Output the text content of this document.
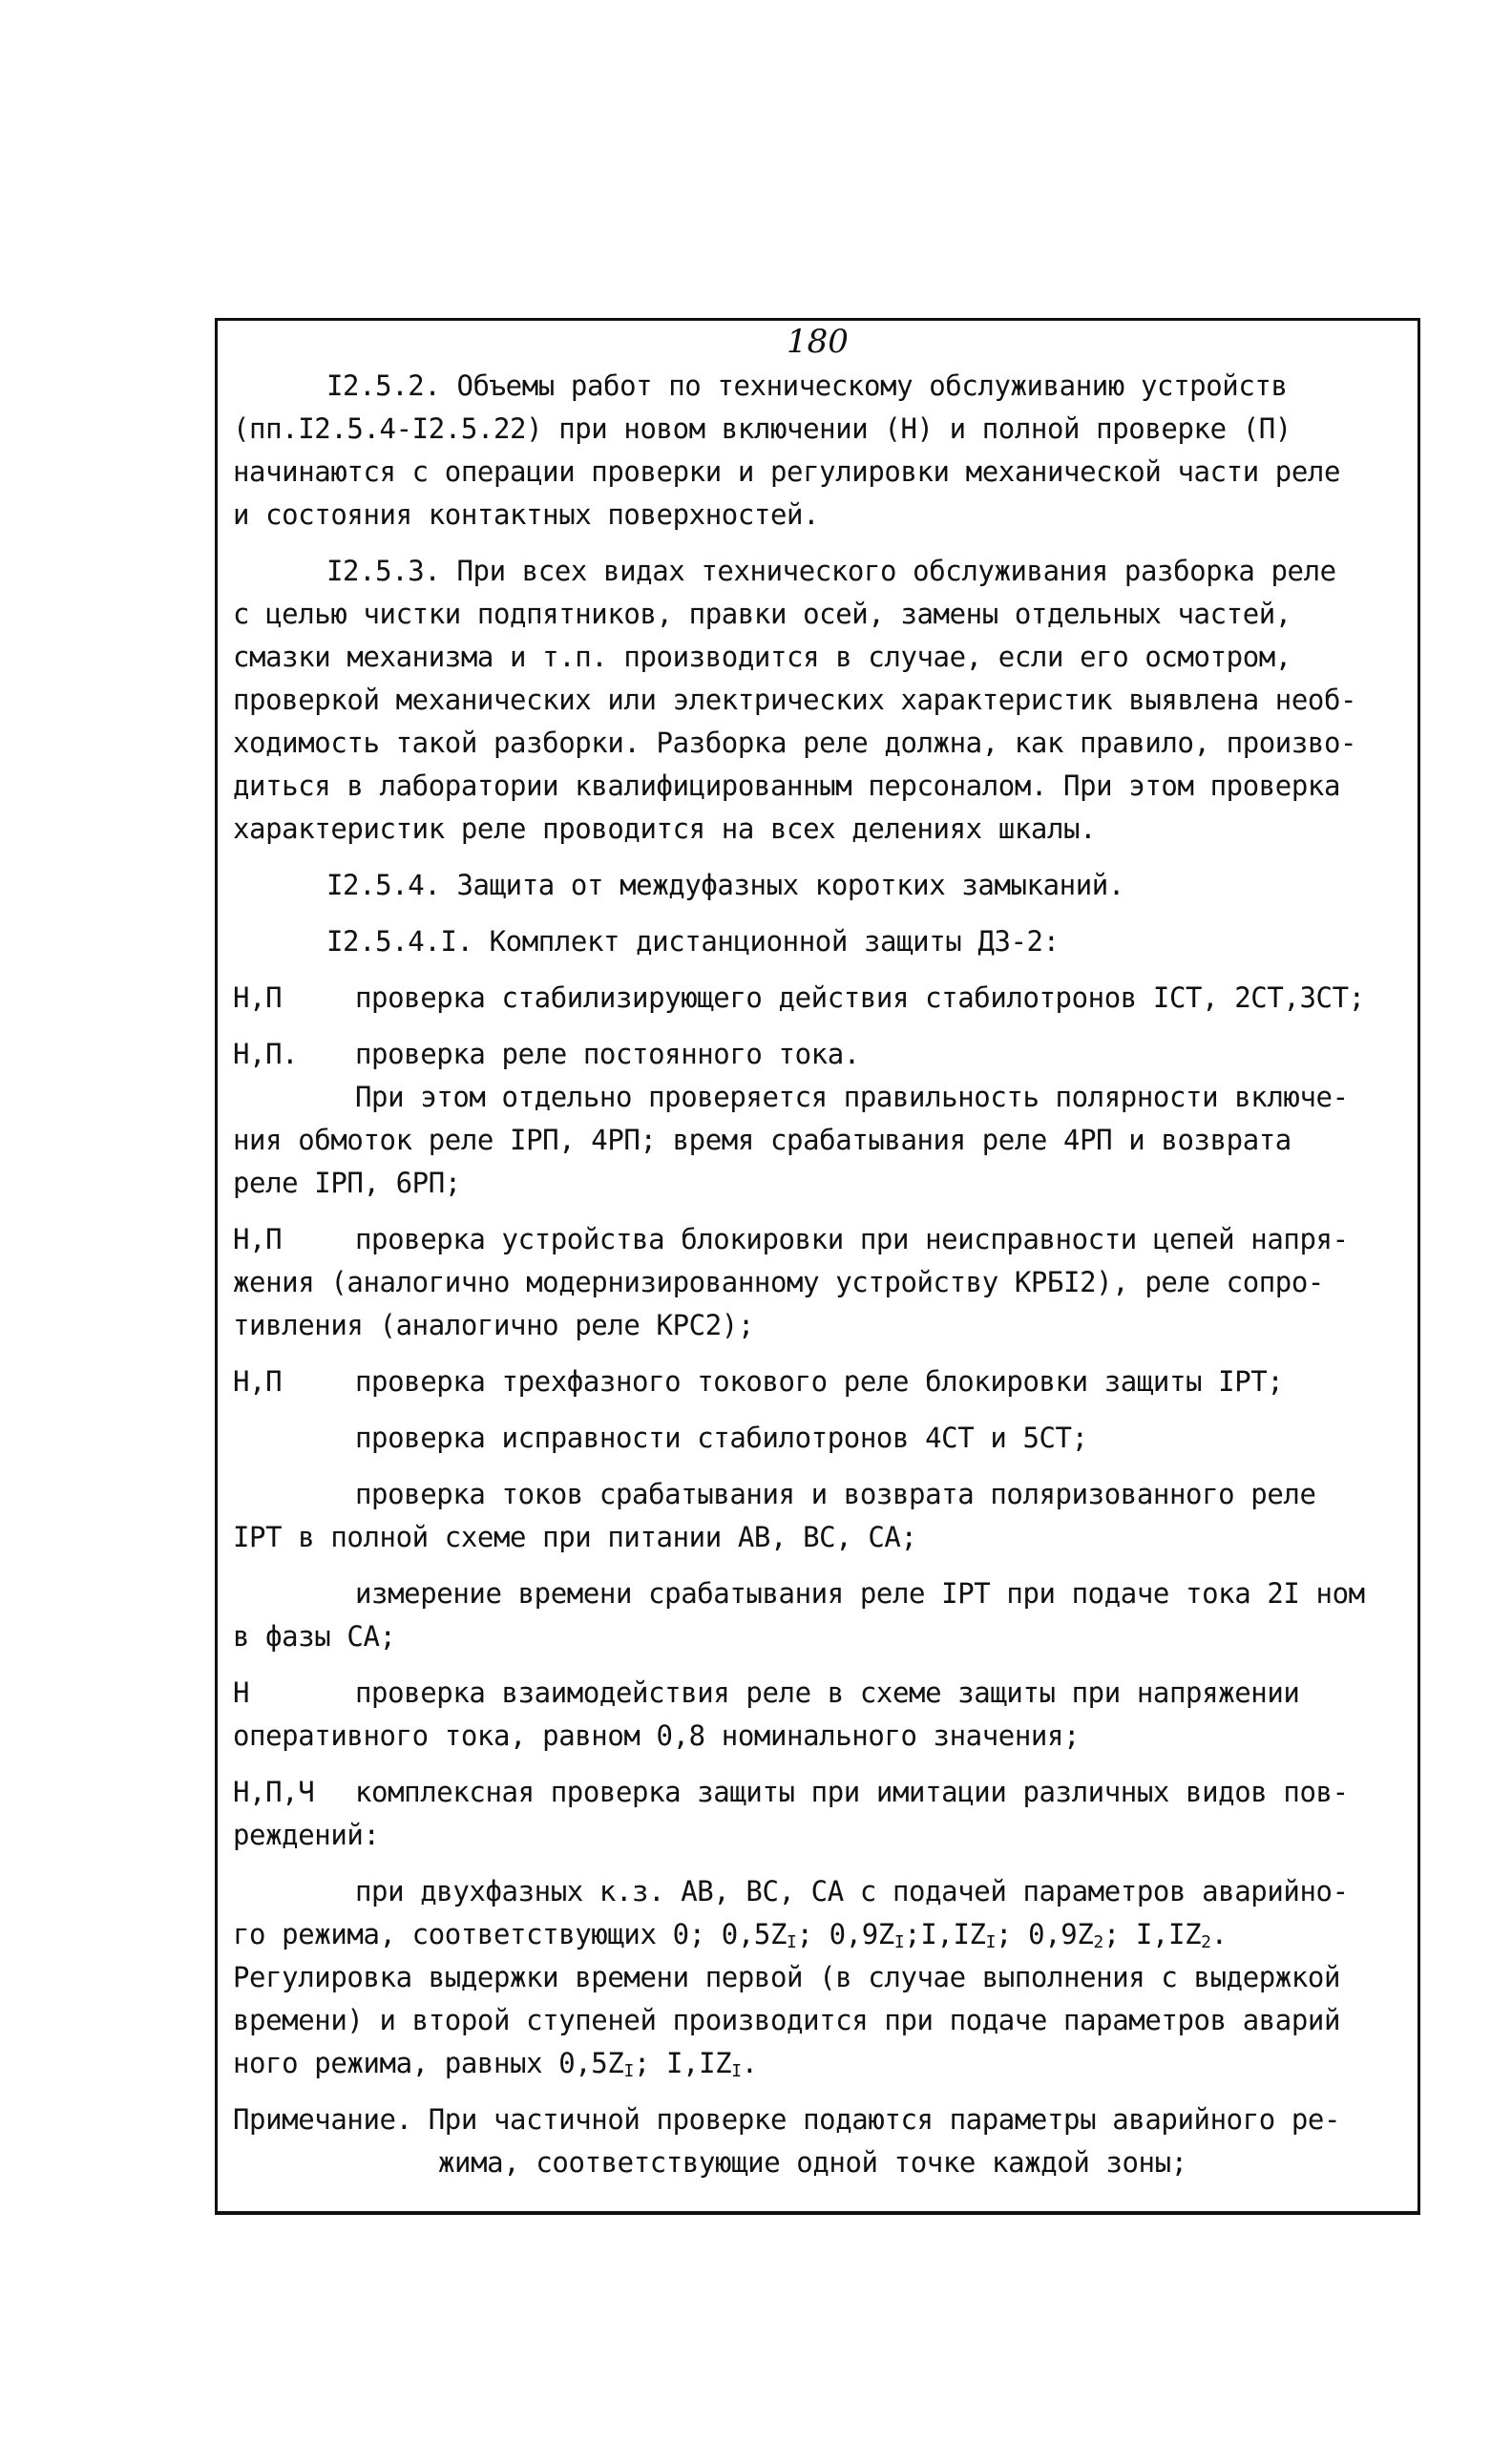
180
I2.5.2. Объемы работ по техническому обслуживанию устройств
(пп.I2.5.4-I2.5.22) при новом включении (Н) и полной проверке (П)
начинаются с операции проверки и регулировки механической части реле
и состояния контактных поверхностей.
I2.5.3. При всех видах технического обслуживания разборка реле
с целью чистки подпятников, правки осей, замены отдельных частей,
смазки механизма и т.п. производится в случае, если его осмотром,
проверкой механических или электрических характеристик выявлена необ-
ходимость такой разборки. Разборка реле должна, как правило, произво-
диться в лаборатории квалифицированным персоналом. При этом проверка
характеристик реле проводится на всех делениях шкалы.
I2.5.4. Защита от междуфазных коротких замыканий.
I2.5.4.I. Комплект дистанционной защиты ДЗ-2:
Н,П	проверка стабилизирующего действия стабилотронов IСТ, 2СТ,3СТ;
Н,П. проверка реле постоянного тока.
При этом отдельно проверяется правильность полярности включе-
ния обмоток реле IРП, 4РП; время срабатывания реле 4РП и возврата
реле IРП, 6РП;
Н,П	проверка устройства блокировки при неисправности цепей напря-
жения (аналогично модернизированному устройству КРБI2), реле сопро-
тивления (аналогично реле КРС2);
Н,П	проверка трехфазного токового реле блокировки защиты IРТ;
проверка исправности стабилотронов 4СТ и 5СТ;
проверка токов срабатывания и возврата поляризованного реле
IРТ в полной схеме при питании АВ, ВС, СА;
измерение времени срабатывания реле IРТ при подаче тока 2I ном
в фазы СА;
Н	проверка взаимодействия реле в схеме защиты при напряжении
оперативного тока, равном 0,8 номинального значения;
Н,П,Ч комплексная проверка защиты при имитации различных видов пов-
реждений:
при двухфазных к.з. АВ, ВС, СА с подачей параметров аварийно-
го режима, соответствующих 0; $0,5Z_I$; $0,9Z_I;I,IZ_I$; $0,9Z_2$; $I,IZ_2$.
Регулировка выдержки времени первой (в случае выполнения с выдержкой
времени) и второй ступеней производится при подаче параметров аварий
ного режима, равных $0,5Z_I$; $I,IZ_I$.
Примечание. При частичной проверке подаются параметры аварийного ре-
жима, соответствующие одной точке каждой зоны;
